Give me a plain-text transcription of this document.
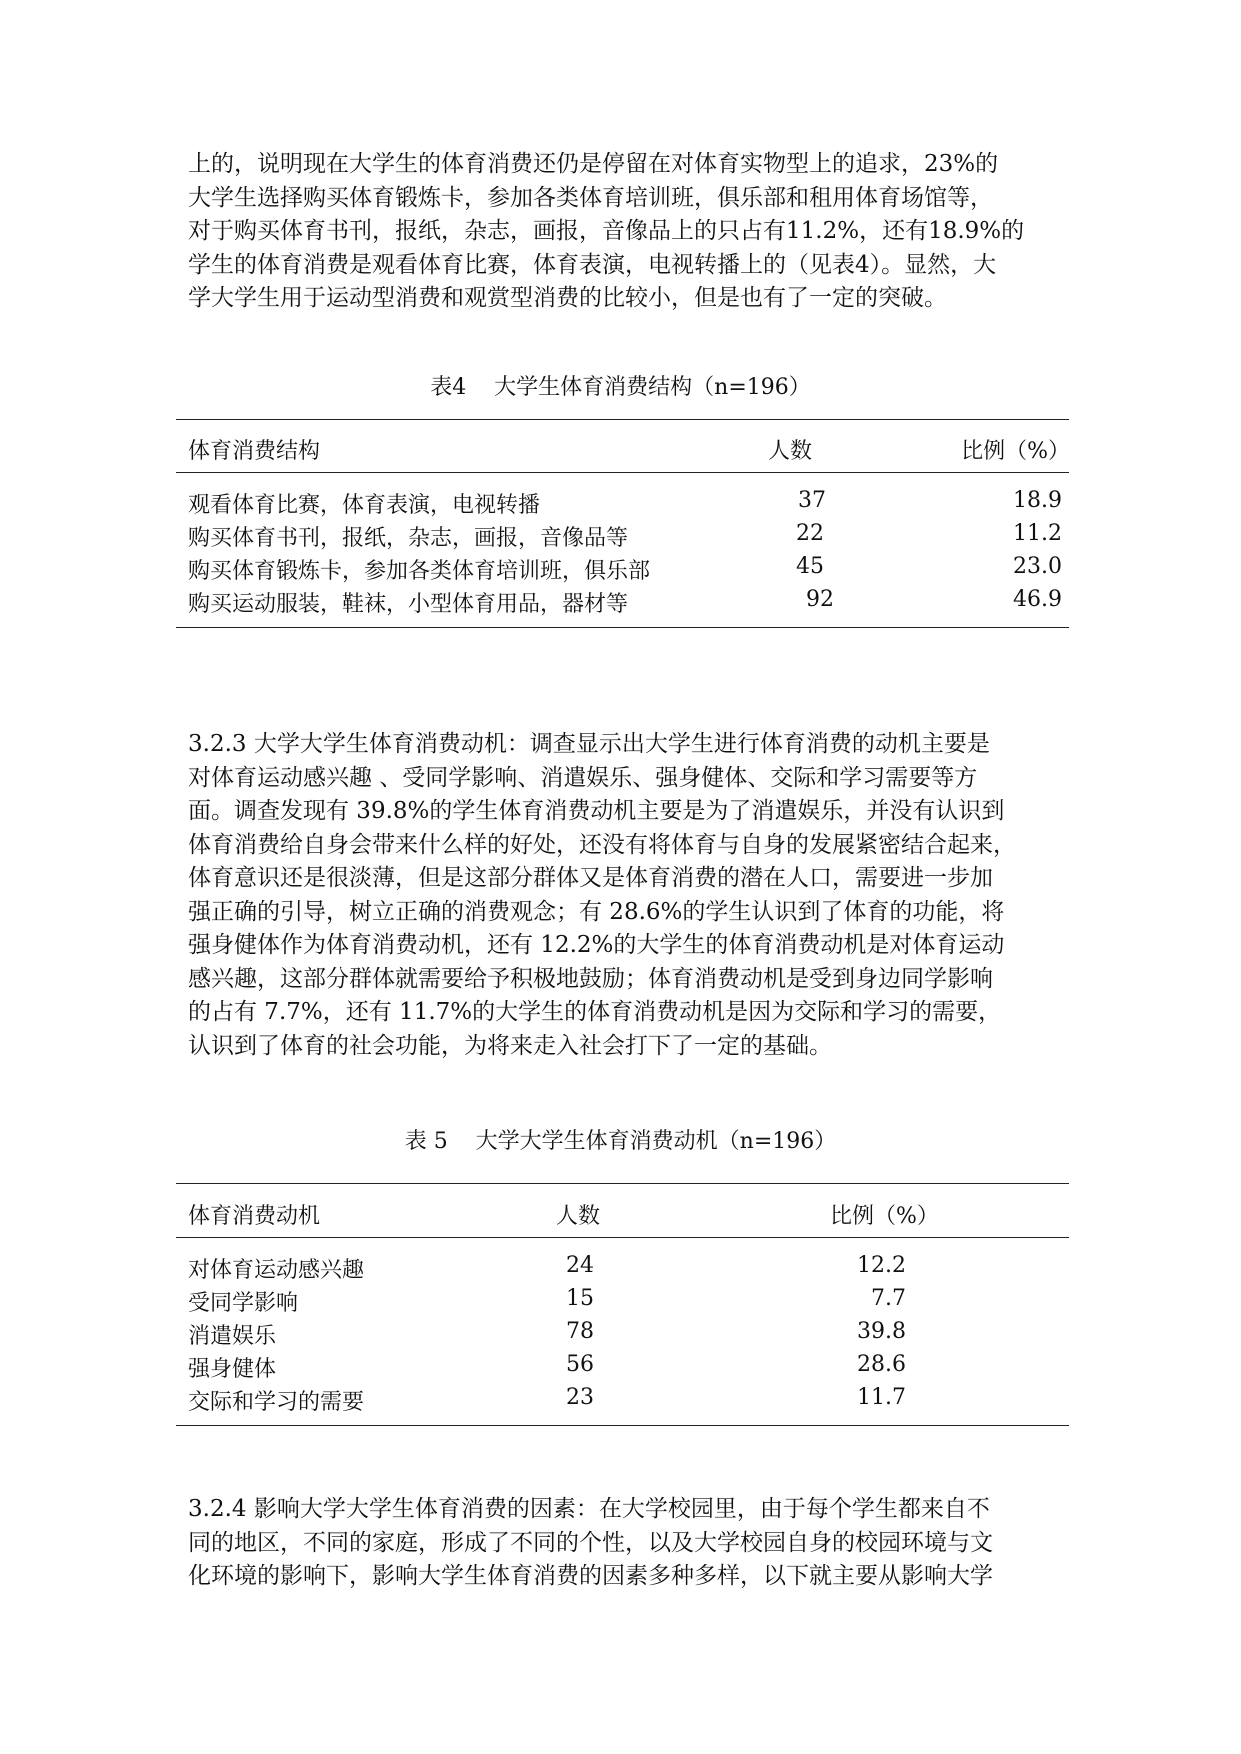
上的，说明现在大学生的体育消费还仍是停留在对体育实物型上的追求，23%的
大学生选择购买体育锻炼卡，参加各类体育培训班，俱乐部和租用体育场馆等，
对于购买体育书刊，报纸，杂志，画报，音像品上的只占有11.2%，还有18.9%的
学生的体育消费是观看体育比赛，体育表演，电视转播上的（见表4）。显然，大
学大学生用于运动型消费和观赏型消费的比较小，但是也有了一定的突破。
表4    大学生体育消费结构（n=196）
体育消费结构	人数	比例（%）
观看体育比赛，体育表演，电视转播	37	18.9
购买体育书刊，报纸，杂志，画报，音像品等	22	11.2
购买体育锻炼卡，参加各类体育培训班，俱乐部	45	23.0
购买运动服装，鞋袜，小型体育用品，器材等	92	46.9
3.2.3 大学大学生体育消费动机：调查显示出大学生进行体育消费的动机主要是
对体育运动感兴趣 、受同学影响、消遣娱乐、强身健体、交际和学习需要等方
面。调查发现有 39.8%的学生体育消费动机主要是为了消遣娱乐，并没有认识到
体育消费给自身会带来什么样的好处，还没有将体育与自身的发展紧密结合起来，
体育意识还是很淡薄，但是这部分群体又是体育消费的潜在人口，需要进一步加
强正确的引导，树立正确的消费观念；有 28.6%的学生认识到了体育的功能，将
强身健体作为体育消费动机，还有 12.2%的大学生的体育消费动机是对体育运动
感兴趣，这部分群体就需要给予积极地鼓励；体育消费动机是受到身边同学影响
的占有 7.7%，还有 11.7%的大学生的体育消费动机是因为交际和学习的需要，
认识到了体育的社会功能，为将来走入社会打下了一定的基础。
表 5    大学大学生体育消费动机（n=196）
体育消费动机	人数	比例（%）
对体育运动感兴趣	24	12.2
受同学影响	15	7.7
消遣娱乐	78	39.8
强身健体	56	28.6
交际和学习的需要	23	11.7
3.2.4 影响大学大学生体育消费的因素：在大学校园里，由于每个学生都来自不
同的地区，不同的家庭，形成了不同的个性，以及大学校园自身的校园环境与文
化环境的影响下，影响大学生体育消费的因素多种多样，以下就主要从影响大学
